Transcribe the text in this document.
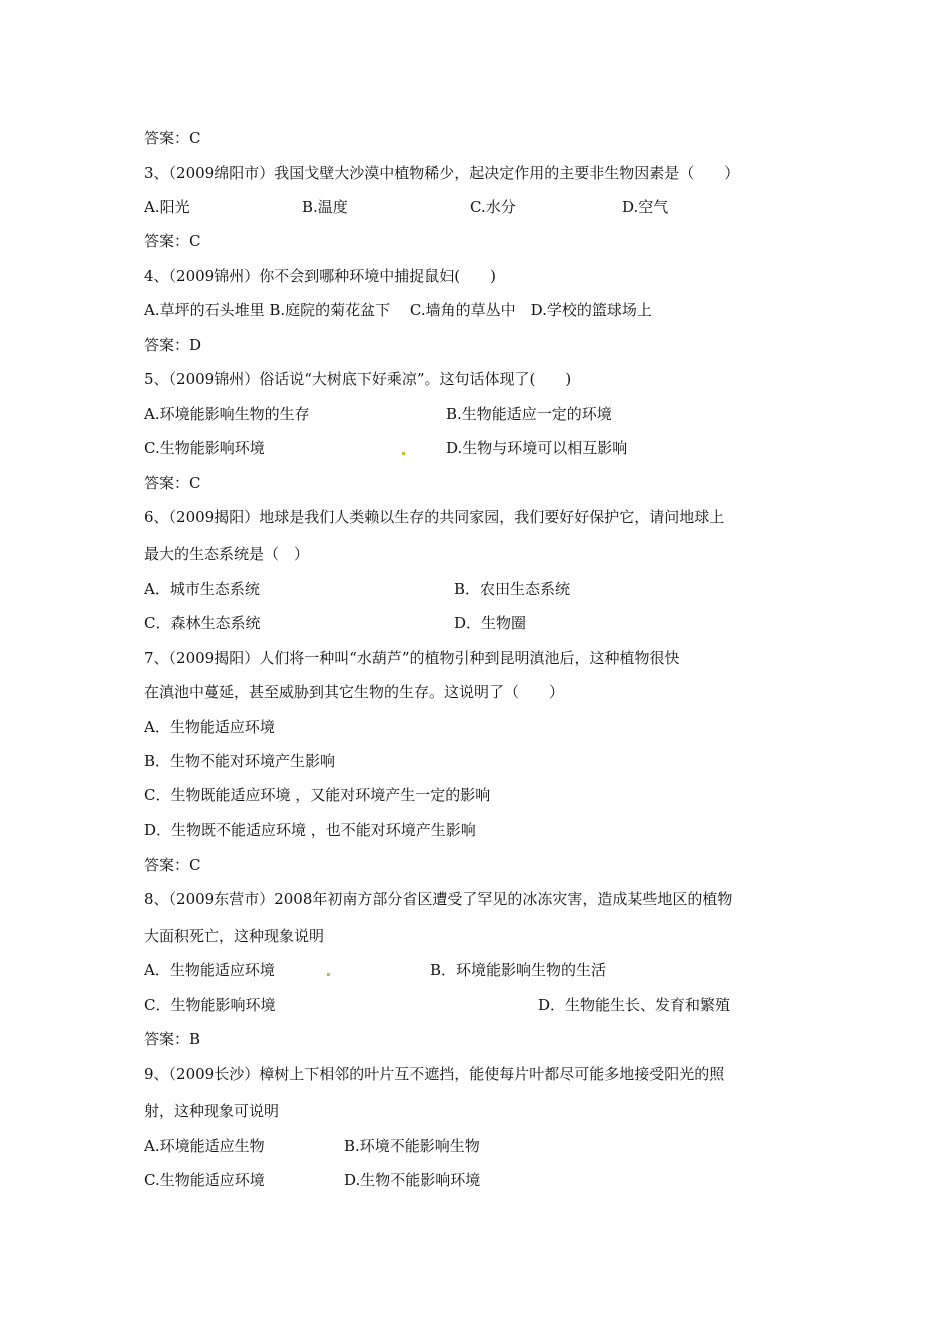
答案：C
3、（2009绵阳市）我国戈壁大沙漠中植物稀少，起决定作用的主要非生物因素是（　　）
A.阳光	B.温度	C.水分	D.空气
答案：C
4、（2009锦州）你不会到哪种环境中捕捉鼠妇(　　)
A.草坪的石头堆里 B.庭院的菊花盆下　 C.墙角的草丛中　D.学校的篮球场上
答案：D
5、（2009锦州）俗话说“大树底下好乘凉”。这句话体现了(　　)
A.环境能影响生物的生存	B.生物能适应一定的环境
C.生物能影响环境	D.生物与环境可以相互影响
答案：C
6、（2009揭阳）地球是我们人类赖以生存的共同家园，我们要好好保护它，请问地球上
最大的生态系统是（　）
A．城市生态系统	B．农田生态系统
C．森林生态系统	D．生物圈
7、（2009揭阳）人们将一种叫“水葫芦”的植物引种到昆明滇池后，这种植物很快
在滇池中蔓延，甚至威胁到其它生物的生存。这说明了（　　）
A．生物能适应环境
B．生物不能对环境产生影响
C．生物既能适应环境 ，又能对环境产生一定的影响
D．生物既不能适应环境 ，也不能对环境产生影响
答案：C
8、（2009东营市）2008年初南方部分省区遭受了罕见的冰冻灾害，造成某些地区的植物
大面积死亡，这种现象说明
A．生物能适应环境	B．环境能影响生物的生活
C．生物能影响环境	D．生物能生长、发育和繁殖
答案：B
9、（2009长沙）樟树上下相邻的叶片互不遮挡，能使每片叶都尽可能多地接受阳光的照
射，这种现象可说明
A.环境能适应生物	B.环境不能影响生物
C.生物能适应环境	D.生物不能影响环境
